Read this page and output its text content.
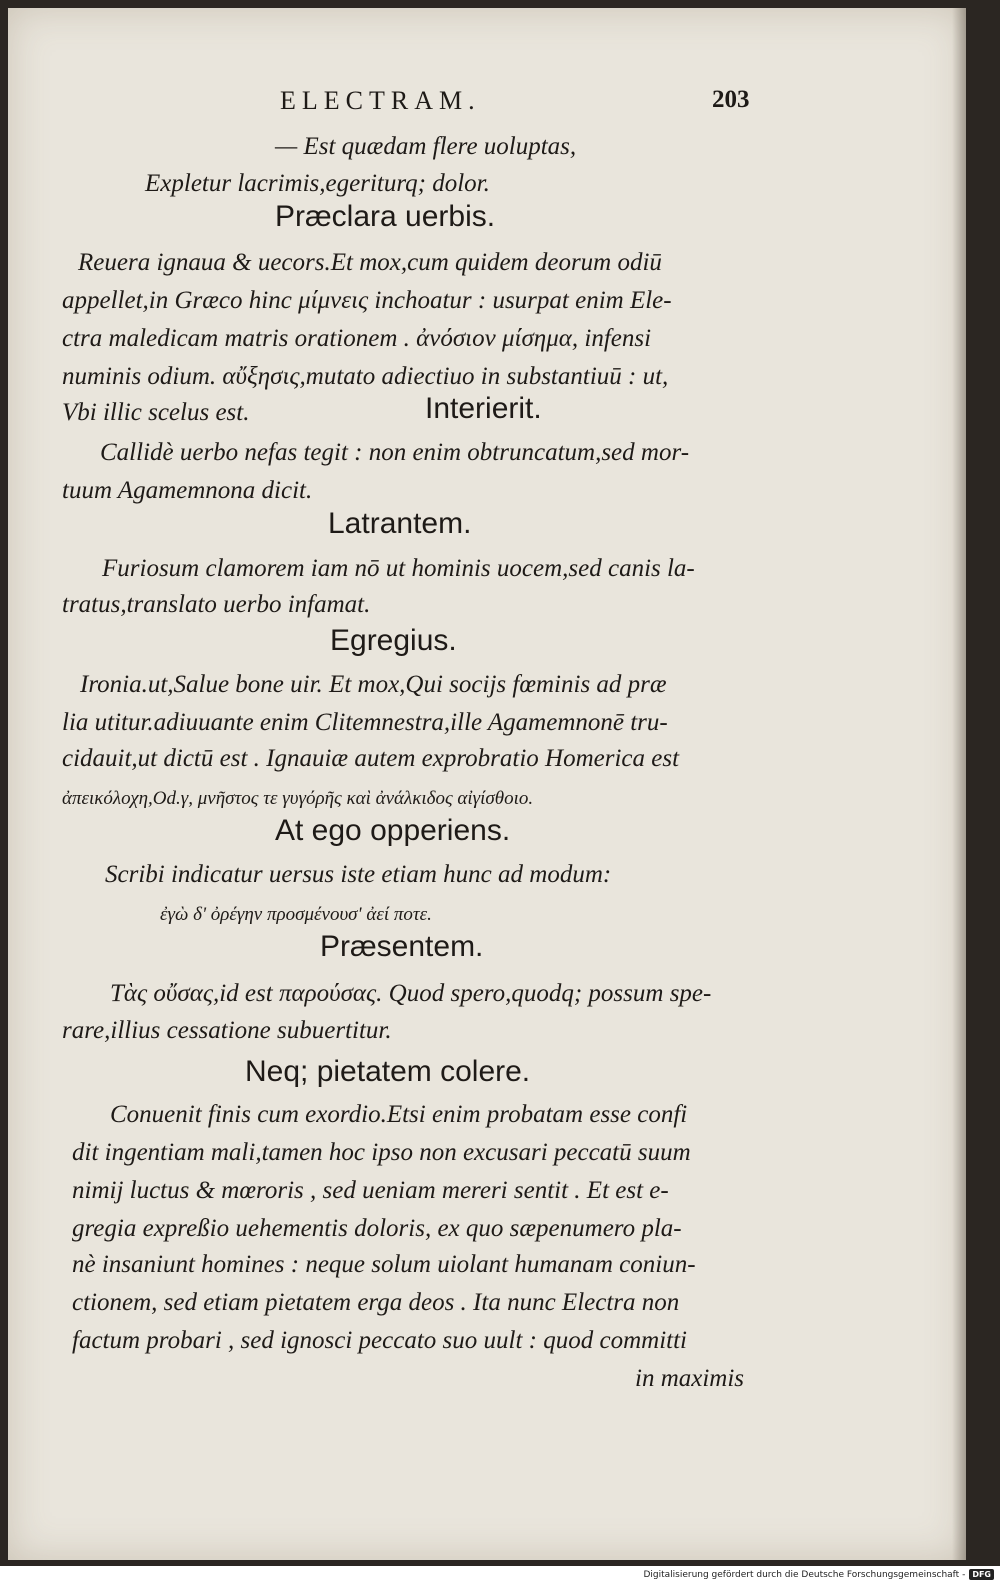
ELECTRAM.	203
— Est quædam flere uoluptas,
Expletur lacrimis,egeriturq; dolor.
Præclara uerbis.
Reuera ignaua & uecors.Et mox,cum quidem deorum odiū
appellet,in Græco hinc μίμνεις inchoatur : usurpat enim Ele-
ctra maledicam matris orationem . ἀνόσιον μίσημα, infensi
numinis odium. αὔξησις,mutato adiectiuo in substantiuū : ut,
Vbi illic scelus est.	Interierit.
Callidè uerbo nefas tegit : non enim obtruncatum,sed mor-
tuum Agamemnona dicit.
Latrantem.
Furiosum clamorem iam nō ut hominis uocem,sed canis la-
tratus,translato uerbo infamat.
Egregius.
Ironia.ut,Salue bone uir. Et mox,Qui socijs fœminis ad præ
lia utitur.adiuuante enim Clitemnestra,ille Agamemnonē tru-
cidauit,ut dictū est . Ignauiæ autem exprobratio Homerica est
ἀπεικόλοχη,Od.γ, μνῆστος τε γυγόρῆς καὶ ἀνάλκιδος αἰγίσθοιο.
At ego opperiens.
Scribi indicatur uersus iste etiam hunc ad modum:
ἐγὼ δ' ὀρέγην προσμένουσ' ἀεί ποτε.
Præsentem.
Τὰς οὔσας,id est παρούσας. Quod spero,quodq; possum spe-
rare,illius cessatione subuertitur.
Neq; pietatem colere.
Conuenit finis cum exordio.Etsi enim probatam esse confi
dit ingentiam mali,tamen hoc ipso non excusari peccatū suum
nimij luctus & mœroris , sed ueniam mereri sentit . Et est e-
gregia expreßio uehementis doloris, ex quo sæpenumero pla-
nè insaniunt homines : neque solum uiolant humanam coniun-
ctionem, sed etiam pietatem erga deos . Ita nunc Electra non
factum probari , sed ignosci peccato suo uult : quod committi
in maximis
Digitalisierung gefördert durch die Deutsche Forschungsgemeinschaft - DFG
